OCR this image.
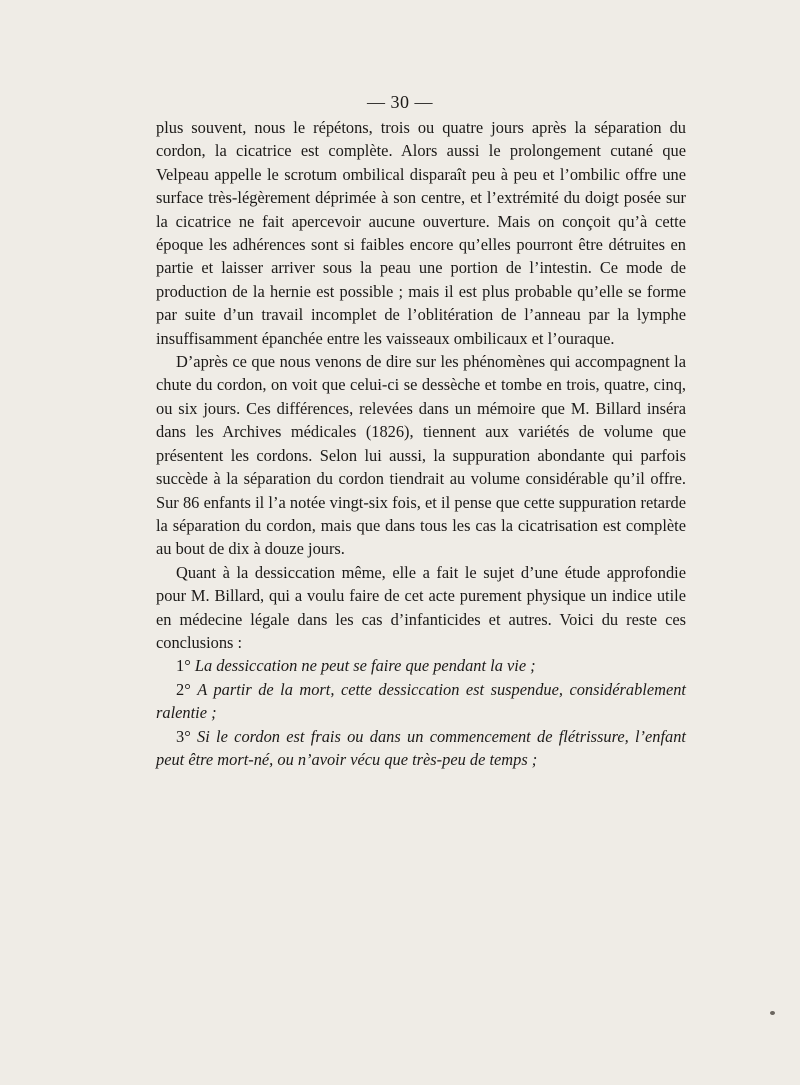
— 30 —

plus souvent, nous le répétons, trois ou quatre jours après la séparation du cordon, la cicatrice est complète. Alors aussi le prolongement cutané que Velpeau appelle le scrotum ombilical disparaît peu à peu et l’ombilic offre une surface très-légèrement déprimée à son centre, et l’extrémité du doigt posée sur la cicatrice ne fait apercevoir aucune ouverture. Mais on conçoit qu’à cette époque les adhérences sont si faibles encore qu’elles pourront être détruites en partie et laisser arriver sous la peau une portion de l’intestin. Ce mode de production de la hernie est possible ; mais il est plus probable qu’elle se forme par suite d’un travail incomplet de l’oblitération de l’anneau par la lymphe insuffisamment épanchée entre les vaisseaux ombilicaux et l’ouraque.

D’après ce que nous venons de dire sur les phénomènes qui accompagnent la chute du cordon, on voit que celui-ci se dessèche et tombe en trois, quatre, cinq, ou six jours. Ces différences, relevées dans un mémoire que M. Billard inséra dans les Archives médicales (1826), tiennent aux variétés de volume que présentent les cordons. Selon lui aussi, la suppuration abondante qui parfois succède à la séparation du cordon tiendrait au volume considérable qu’il offre. Sur 86 enfants il l’a notée vingt-six fois, et il pense que cette suppuration retarde la séparation du cordon, mais que dans tous les cas la cicatrisation est complète au bout de dix à douze jours.

Quant à la dessiccation même, elle a fait le sujet d’une étude approfondie pour M. Billard, qui a voulu faire de cet acte purement physique un indice utile en médecine légale dans les cas d’infanticides et autres. Voici du reste ces conclusions :

1° La dessiccation ne peut se faire que pendant la vie ;

2° A partir de la mort, cette dessiccation est suspendue, considérablement ralentie ;

3° Si le cordon est frais ou dans un commencement de flétrissure, l’enfant peut être mort-né, ou n’avoir vécu que très-peu de temps ;
